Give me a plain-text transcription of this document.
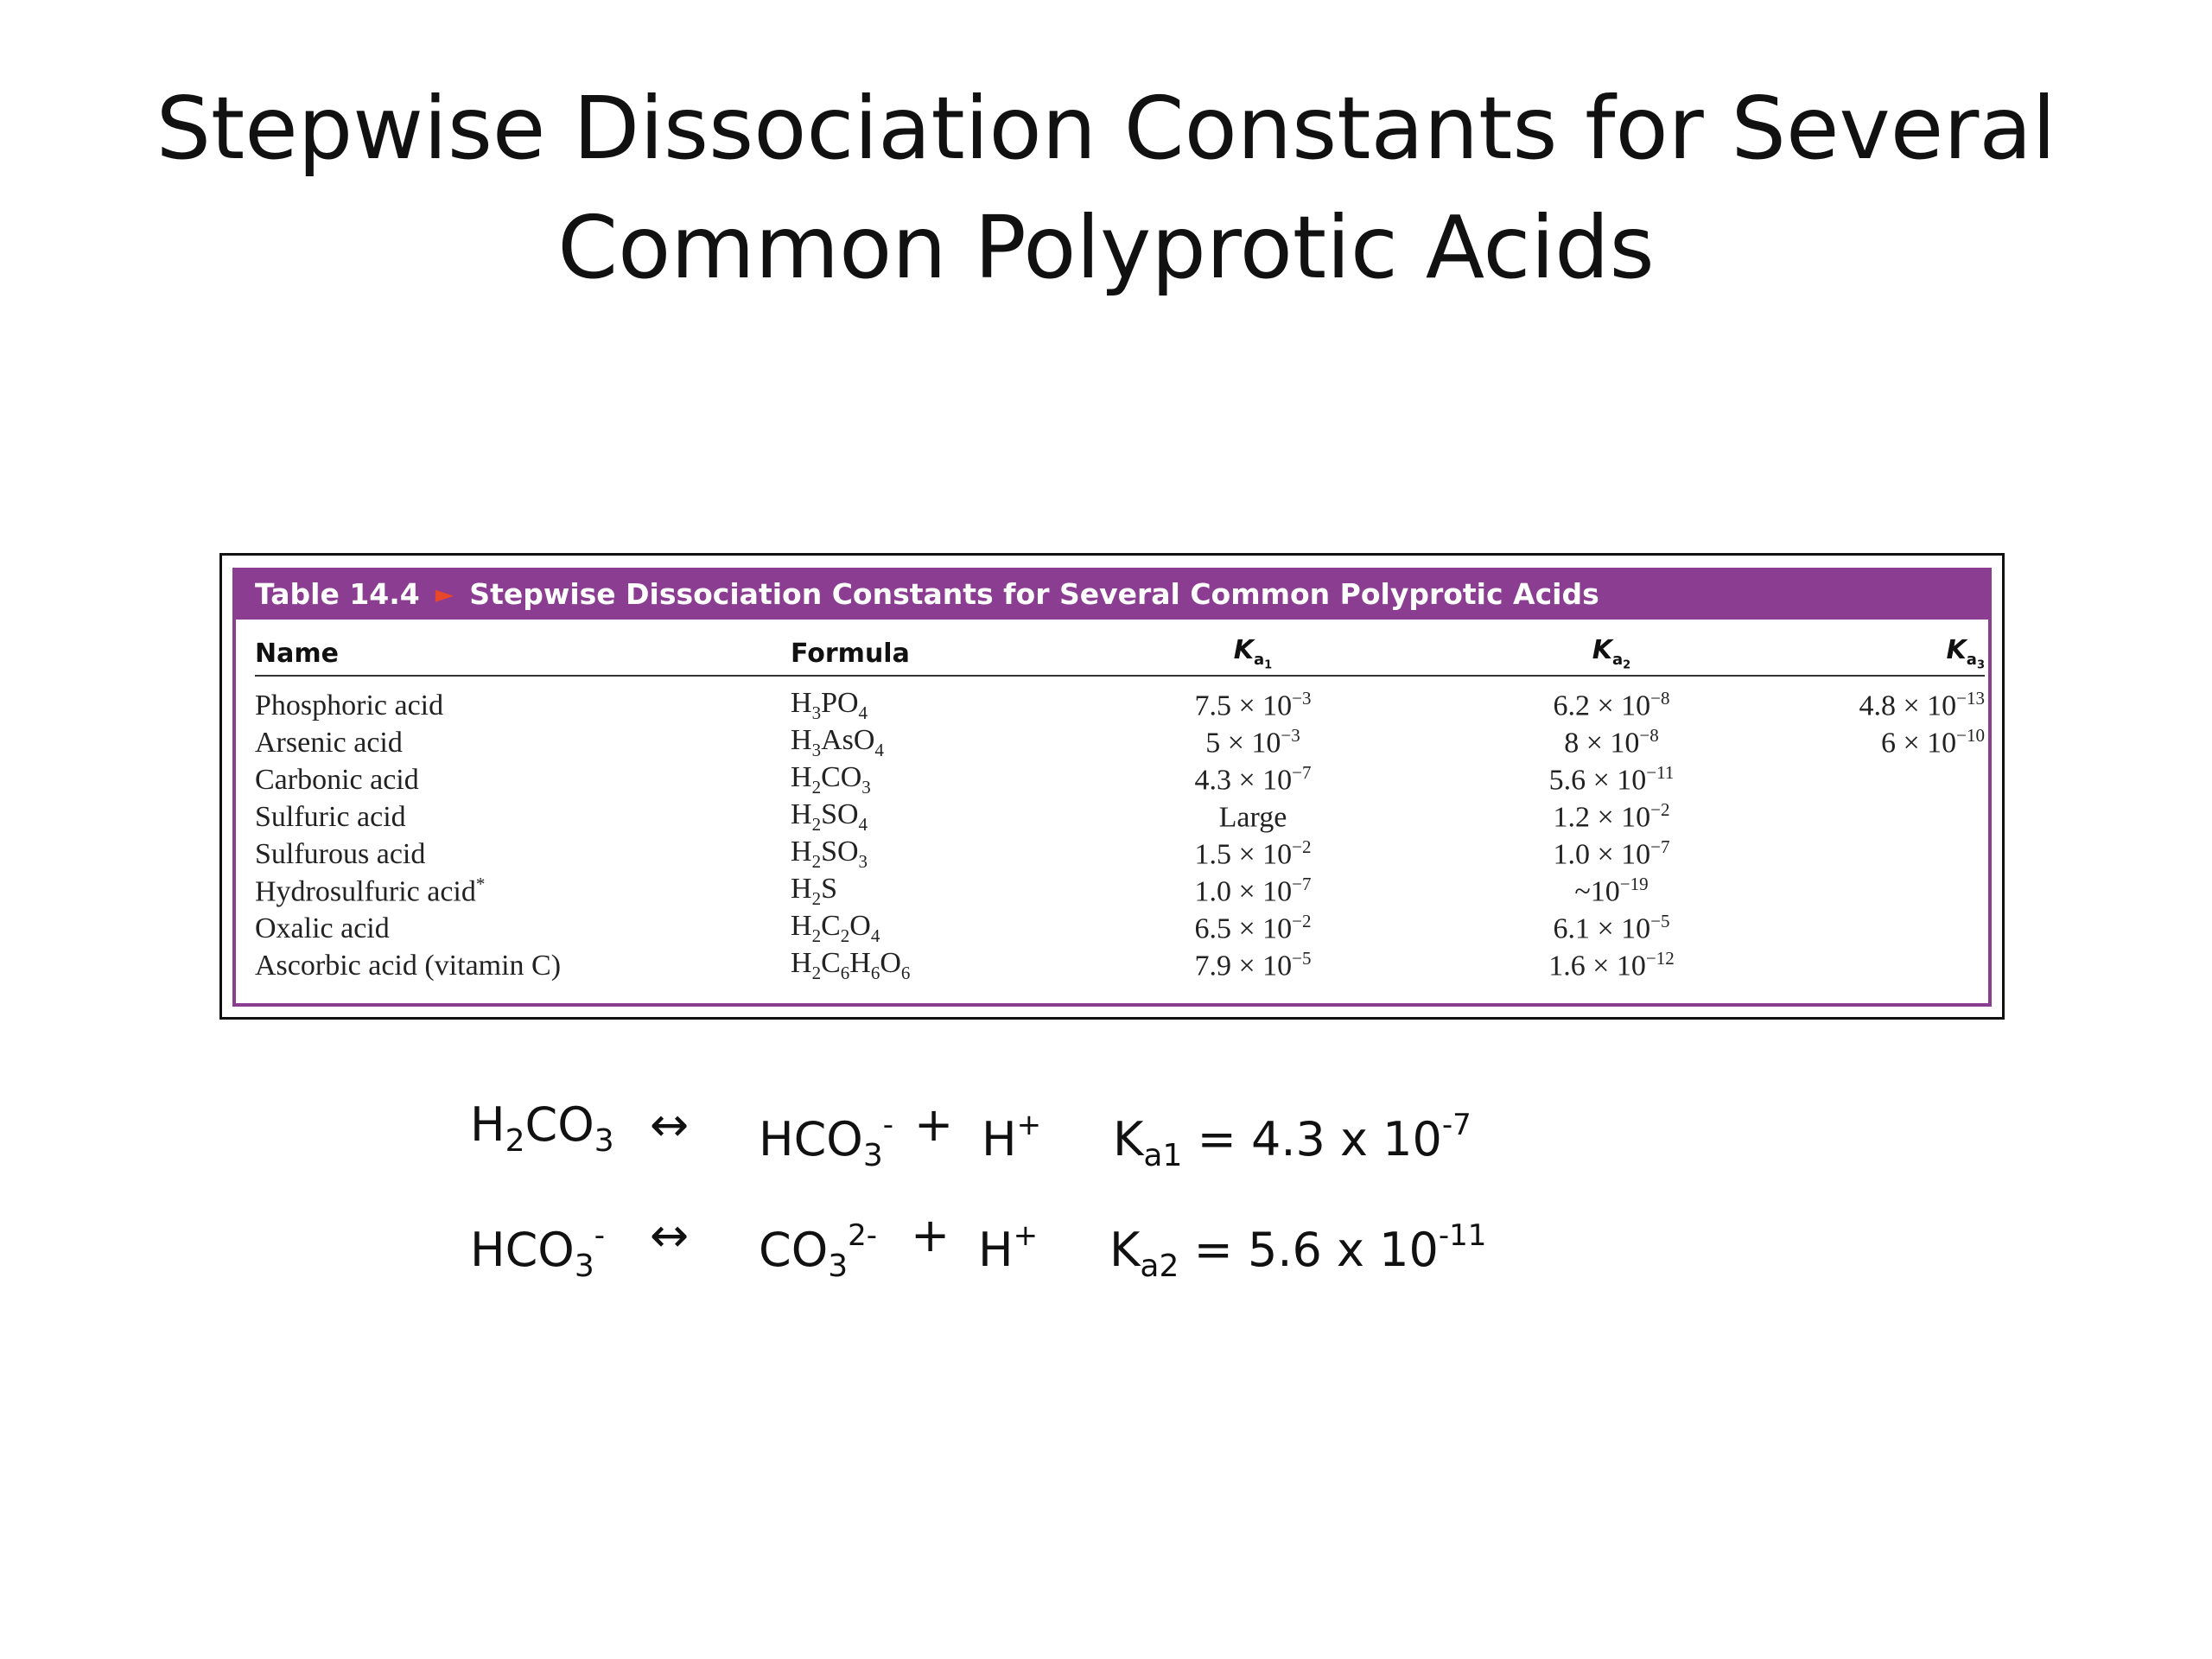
Stepwise Dissociation Constants for Several
Common Polyprotic Acids
Table 14.4 ► Stepwise Dissociation Constants for Several Common Polyprotic Acids
Name	Formula	$K_{a_1}$	$K_{a_2}$	$K_{a_3}$
Phosphoric acid	$H_3PO_4$	$7.5 \times 10^{-3}$	$6.2 \times 10^{-8}$	$4.8 \times 10^{-13}$
Arsenic acid	$H_3AsO_4$	$5 \times 10^{-3}$	$8 \times 10^{-8}$	$6 \times 10^{-10}$
Carbonic acid	$H_2CO_3$	$4.3 \times 10^{-7}$	$5.6 \times 10^{-11}$	
Sulfuric acid	$H_2SO_4$	Large	$1.2 \times 10^{-2}$	
Sulfurous acid	$H_2SO_3$	$1.5 \times 10^{-2}$	$1.0 \times 10^{-7}$	
Hydrosulfuric acid*	$H_2S$	$1.0 \times 10^{-7}$	$\sim 10^{-19}$	
Oxalic acid	$H_2C_2O_4$	$6.5 \times 10^{-2}$	$6.1 \times 10^{-5}$	
Ascorbic acid (vitamin C)	$H_2C_6H_6O_6$	$7.9 \times 10^{-5}$	$1.6 \times 10^{-12}$	
$H_2CO_3$ ↔ $HCO_3^- + H^+$ $K_{a1} = 4.3$ x $10^{-7}$
$HCO_3^-$ ↔ $CO_3^{2-} + H^+$ $K_{a2} = 5.6$ x $10^{-11}$
